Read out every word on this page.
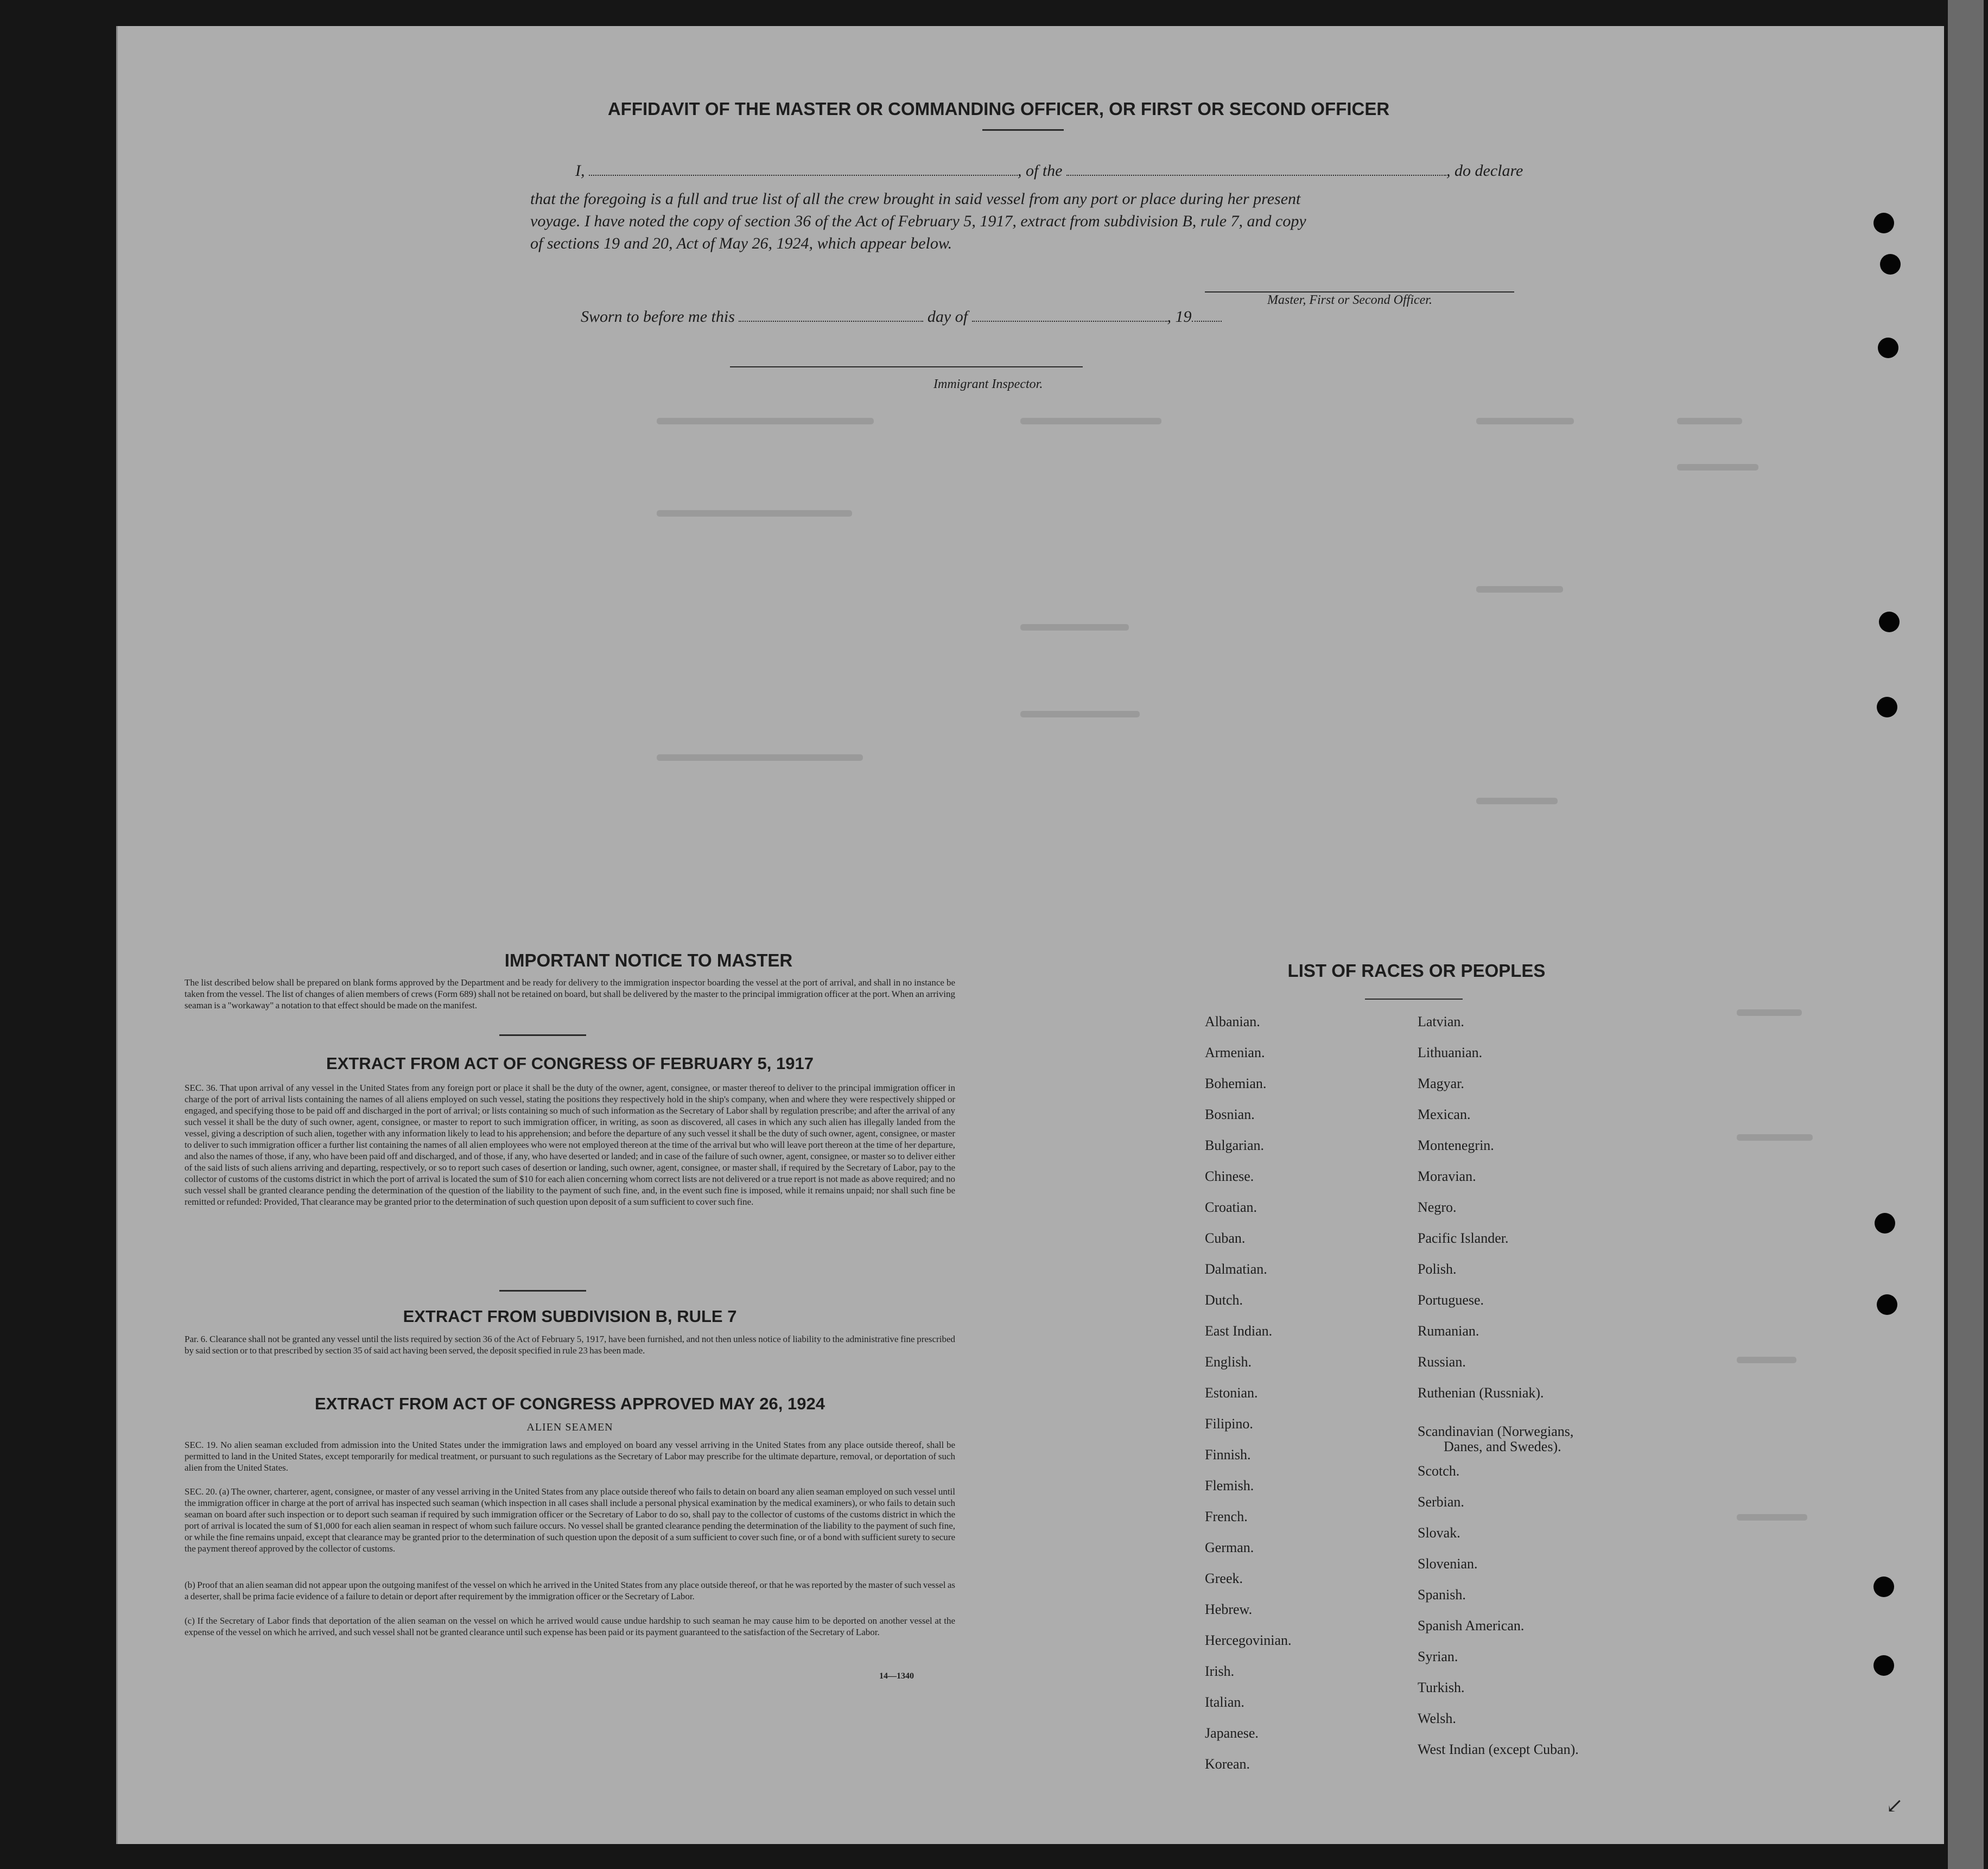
AFFIDAVIT OF THE MASTER OR COMMANDING OFFICER, OR FIRST OR SECOND OFFICER
I,	, of the	, do declare
that the foregoing is a full and true list of all the crew brought in said vessel from any port or place during her present
voyage. I have noted the copy of section 36 of the Act of February 5, 1917, extract from subdivision B, rule 7, and copy
of sections 19 and 20, Act of May 26, 1924, which appear below.
Master, First or Second Officer.
Sworn to before me this	day of	, 19
Immigrant Inspector.
IMPORTANT NOTICE TO MASTER
The list described below shall be prepared on blank forms approved by the Department and be ready for delivery to the immigration inspector boarding the vessel at the port of arrival, and shall in no instance be taken from the vessel. The list of changes of alien members of crews (Form 689) shall not be retained on board, but shall be delivered by the master to the principal immigration officer at the port. When an arriving seaman is a "workaway" a notation to that effect should be made on the manifest.
EXTRACT FROM ACT OF CONGRESS OF FEBRUARY 5, 1917
SEC. 36. That upon arrival of any vessel in the United States from any foreign port or place it shall be the duty of the owner, agent, consignee, or master thereof to deliver to the principal immigration officer in charge of the port of arrival lists containing the names of all aliens employed on such vessel, stating the positions they respectively hold in the ship's company, when and where they were respectively shipped or engaged, and specifying those to be paid off and discharged in the port of arrival; or lists containing so much of such information as the Secretary of Labor shall by regulation prescribe; and after the arrival of any such vessel it shall be the duty of such owner, agent, consignee, or master to report to such immigration officer, in writing, as soon as discovered, all cases in which any such alien has illegally landed from the vessel, giving a description of such alien, together with any information likely to lead to his apprehension; and before the departure of any such vessel it shall be the duty of such owner, agent, consignee, or master to deliver to such immigration officer a further list containing the names of all alien employees who were not employed thereon at the time of the arrival but who will leave port thereon at the time of her departure, and also the names of those, if any, who have been paid off and discharged, and of those, if any, who have deserted or landed; and in case of the failure of such owner, agent, consignee, or master so to deliver either of the said lists of such aliens arriving and departing, respectively, or so to report such cases of desertion or landing, such owner, agent, consignee, or master shall, if required by the Secretary of Labor, pay to the collector of customs of the customs district in which the port of arrival is located the sum of $10 for each alien concerning whom correct lists are not delivered or a true report is not made as above required; and no such vessel shall be granted clearance pending the determination of the question of the liability to the payment of such fine, and, in the event such fine is imposed, while it remains unpaid; nor shall such fine be remitted or refunded: Provided, That clearance may be granted prior to the determination of such question upon deposit of a sum sufficient to cover such fine.
EXTRACT FROM SUBDIVISION B, RULE 7
Par. 6. Clearance shall not be granted any vessel until the lists required by section 36 of the Act of February 5, 1917, have been furnished, and not then unless notice of liability to the administrative fine prescribed by said section or to that prescribed by section 35 of said act having been served, the deposit specified in rule 23 has been made.
EXTRACT FROM ACT OF CONGRESS APPROVED MAY 26, 1924
ALIEN SEAMEN
SEC. 19. No alien seaman excluded from admission into the United States under the immigration laws and employed on board any vessel arriving in the United States from any place outside thereof, shall be permitted to land in the United States, except temporarily for medical treatment, or pursuant to such regulations as the Secretary of Labor may prescribe for the ultimate departure, removal, or deportation of such alien from the United States.
SEC. 20. (a) The owner, charterer, agent, consignee, or master of any vessel arriving in the United States from any place outside thereof who fails to detain on board any alien seaman employed on such vessel until the immigration officer in charge at the port of arrival has inspected such seaman (which inspection in all cases shall include a personal physical examination by the medical examiners), or who fails to detain such seaman on board after such inspection or to deport such seaman if required by such immigration officer or the Secretary of Labor to do so, shall pay to the collector of customs of the customs district in which the port of arrival is located the sum of $1,000 for each alien seaman in respect of whom such failure occurs. No vessel shall be granted clearance pending the determination of the liability to the payment of such fine, or while the fine remains unpaid, except that clearance may be granted prior to the determination of such question upon the deposit of a sum sufficient to cover such fine, or of a bond with sufficient surety to secure the payment thereof approved by the collector of customs.
(b) Proof that an alien seaman did not appear upon the outgoing manifest of the vessel on which he arrived in the United States from any place outside thereof, or that he was reported by the master of such vessel as a deserter, shall be prima facie evidence of a failure to detain or deport after requirement by the immigration officer or the Secretary of Labor.
(c) If the Secretary of Labor finds that deportation of the alien seaman on the vessel on which he arrived would cause undue hardship to such seaman he may cause him to be deported on another vessel at the expense of the vessel on which he arrived, and such vessel shall not be granted clearance until such expense has been paid or its payment guaranteed to the satisfaction of the Secretary of Labor.
14—1340
LIST OF RACES OR PEOPLES
Albanian.
Armenian.
Bohemian.
Bosnian.
Bulgarian.
Chinese.
Croatian.
Cuban.
Dalmatian.
Dutch.
East Indian.
English.
Estonian.
Filipino.
Finnish.
Flemish.
French.
German.
Greek.
Hebrew.
Hercegovinian.
Irish.
Italian.
Japanese.
Korean.
Latvian.
Lithuanian.
Magyar.
Mexican.
Montenegrin.
Moravian.
Negro.
Pacific Islander.
Polish.
Portuguese.
Rumanian.
Russian.
Ruthenian (Russniak).
Scandinavian (Norwegians,
Danes, and Swedes).
Scotch.
Serbian.
Slovak.
Slovenian.
Spanish.
Spanish American.
Syrian.
Turkish.
Welsh.
West Indian (except Cuban).
↙
